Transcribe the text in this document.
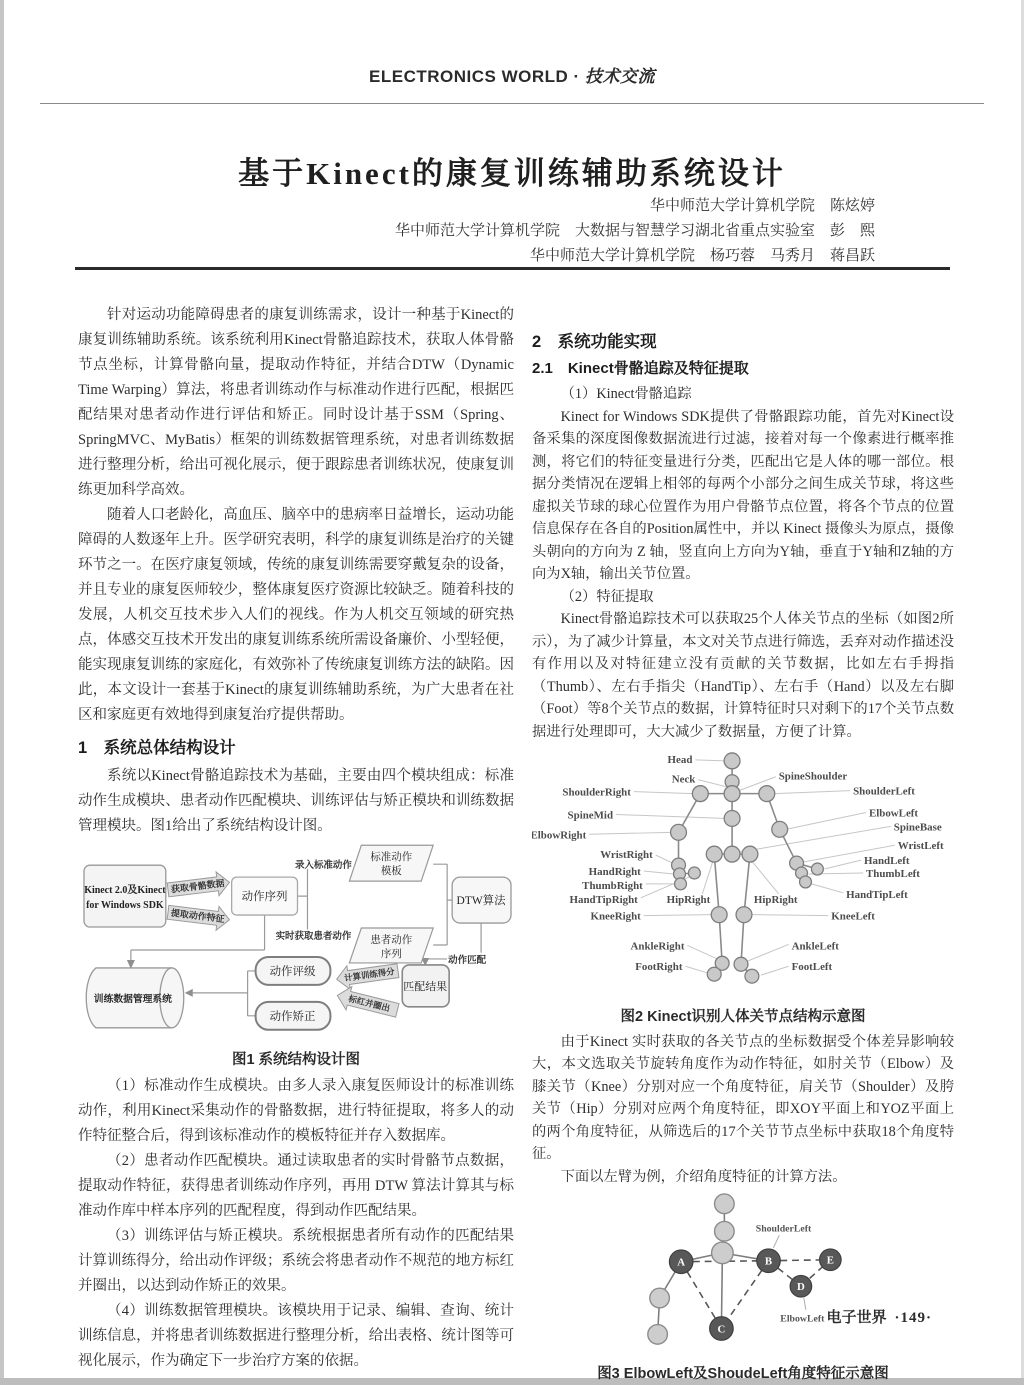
ELECTRONICS WORLD · 技术交流
基于Kinect的康复训练辅助系统设计
华中师范大学计算机学院　陈炫婷
华中师范大学计算机学院　大数据与智慧学习湖北省重点实验室　彭　熙
华中师范大学计算机学院　杨巧蓉　马秀月　蒋昌跃

针对运动功能障碍患者的康复训练需求，设计一种基于Kinect的康复训练辅助系统。该系统利用Kinect骨骼追踪技术，获取人体骨骼节点坐标，计算骨骼向量，提取动作特征，并结合DTW（Dynamic Time Warping）算法，将患者训练动作与标准动作进行匹配，根据匹配结果对患者动作进行评估和矫正。同时设计基于SSM（Spring、SpringMVC、MyBatis）框架的训练数据管理系统，对患者训练数据进行整理分析，给出可视化展示，便于跟踪患者训练状况，使康复训练更加科学高效。

随着人口老龄化，高血压、脑卒中的患病率日益增长，运动功能障碍的人数逐年上升。医学研究表明，科学的康复训练是治疗的关键环节之一。在医疗康复领域，传统的康复训练需要穿戴复杂的设备，并且专业的康复医师较少，整体康复医疗资源比较缺乏。随着科技的发展，人机交互技术步入人们的视线。作为人机交互领域的研究热点，体感交互技术开发出的康复训练系统所需设备廉价、小型轻便，能实现康复训练的家庭化，有效弥补了传统康复训练方法的缺陷。因此，本文设计一套基于Kinect的康复训练辅助系统，为广大患者在社区和家庭更有效地得到康复治疗提供帮助。

1　系统总体结构设计

系统以Kinect骨骼追踪技术为基础，主要由四个模块组成：标准动作生成模块、患者动作匹配模块、训练评估与矫正模块和训练数据管理模块。图1给出了系统结构设计图。

Kinect 2.0及Kinect
for Windows SDK
获取骨骼数据
提取动作特征
动作序列
录入标准动作
实时获取患者动作
标准动作
模板
患者动作
序列
DTW算法
动作匹配
匹配结果
动作评级
动作矫正
计算训练得分
标红并圈出
训练数据管理系统
图1 系统结构设计图

（1）标准动作生成模块。由多人录入康复医师设计的标准训练动作，利用Kinect采集动作的骨骼数据，进行特征提取，将多人的动作特征整合后，得到该标准动作的模板特征并存入数据库。

（2）患者动作匹配模块。通过读取患者的实时骨骼节点数据，提取动作特征，获得患者训练动作序列，再用 DTW 算法计算其与标准动作库中样本序列的匹配程度，得到动作匹配结果。

（3）训练评估与矫正模块。系统根据患者所有动作的匹配结果计算训练得分，给出动作评级；系统会将患者动作不规范的地方标红并圈出，以达到动作矫正的效果。

（4）训练数据管理模块。该模块用于记录、编辑、查询、统计训练信息，并将患者训练数据进行整理分析，给出表格、统计图等可视化展示，作为确定下一步治疗方案的依据。

2　系统功能实现
2.1　Kinect骨骼追踪及特征提取

（1）Kinect骨骼追踪

Kinect for Windows SDK提供了骨骼跟踪功能，首先对Kinect设备采集的深度图像数据流进行过滤，接着对每一个像素进行概率推测，将它们的特征变量进行分类，匹配出它是人体的哪一部位。根据分类情况在逻辑上相邻的每两个小部分之间生成关节球，将这些虚拟关节球的球心位置作为用户骨骼节点位置，将各个节点的位置信息保存在各自的Position属性中，并以 Kinect 摄像头为原点，摄像头朝向的方向为 Z 轴，竖直向上方向为Y轴，垂直于Y轴和Z轴的方向为X轴，输出关节位置。

（2）特征提取

Kinect骨骼追踪技术可以获取25个人体关节点的坐标（如图2所示），为了减少计算量，本文对关节点进行筛选，丢弃对动作描述没有作用以及对特征建立没有贡献的关节数据，比如左右手拇指（Thumb）、左右手指尖（HandTip）、左右手（Hand）以及左右脚（Foot）等8个关节点的数据，计算特征时只对剩下的17个关节点数据进行处理即可，大大减少了数据量，方便了计算。

Head
Neck
ShoulderRight
SpineMid
ElbowRight
WristRight
HandRight
ThumbRight
HandTipRight	HipRight
KneeRight
AnkleRight
FootRight
SpineShoulder
ShoulderLeft
ElbowLeft
SpineBase
WristLeft
HandLeft
ThumbLeft
HandTipLeft
HipRight
KneeLeft
AnkleLeft
FootLeft
图2 Kinect识别人体关节点结构示意图

由于Kinect 实时获取的各关节点的坐标数据受个体差异影响较大，本文选取关节旋转角度作为动作特征，如肘关节（Elbow）及膝关节（Knee）分别对应一个角度特征，肩关节（Shoulder）及胯关节（Hip）分别对应两个角度特征，即XOY平面上和YOZ平面上的两个角度特征，从筛选后的17个关节节点坐标中获取18个角度特征。

下面以左臂为例，介绍角度特征的计算方法。

A	B
C
D
E
ShoulderLeft
ElbowLeft
图3 ElbowLeft及ShoudeLeft角度特征示意图
电子世界 ·149·
